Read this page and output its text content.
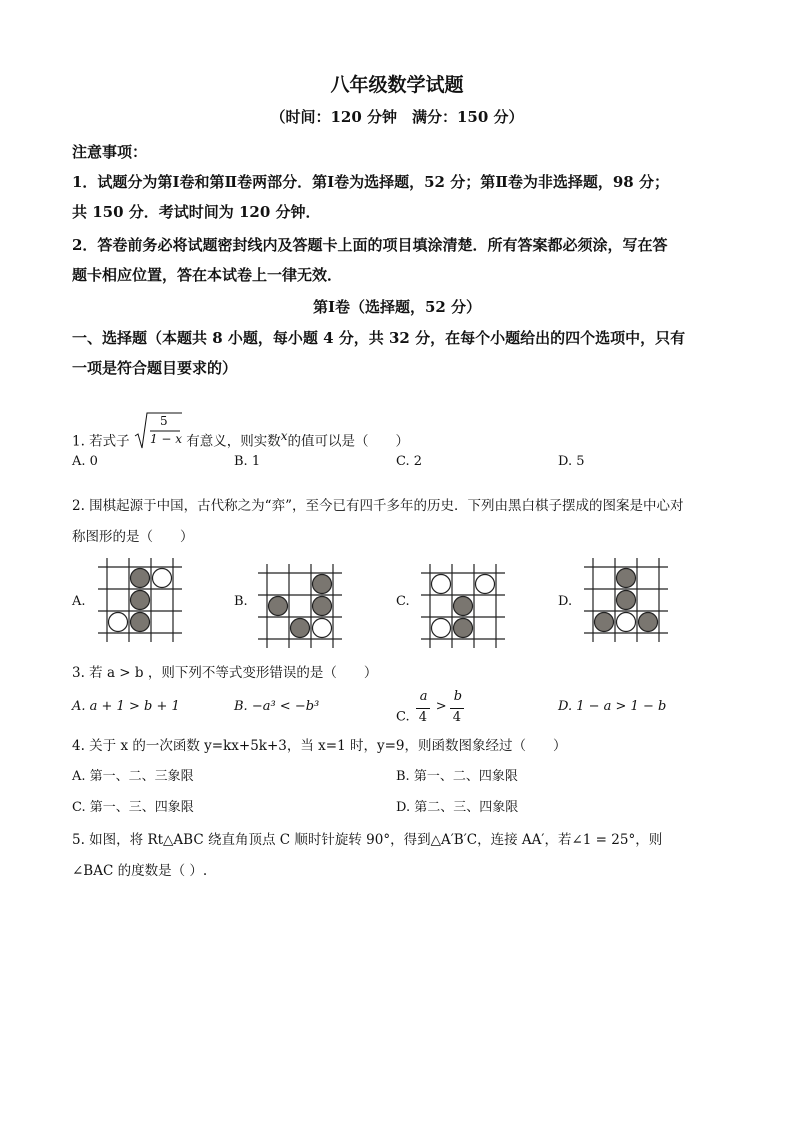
八年级数学试题
（时间：120 分钟　满分：150 分）
注意事项：
1．试题分为第Ⅰ卷和第Ⅱ卷两部分．第Ⅰ卷为选择题，52 分；第Ⅱ卷为非选择题，98 分；
共 150 分．考试时间为 120 分钟．
2．答卷前务必将试题密封线内及答题卡上面的项目填涂清楚．所有答案都必须涂，写在答
题卡相应位置，答在本试卷上一律无效．
第Ⅰ卷（选择题，52 分）
一、选择题（本题共 8 小题，每小题 4 分，共 32 分，在每个小题给出的四个选项中，只有
一项是符合题目要求的）
1. 若式子
5
1 − x 有意义，则实数x的值可以是（　　）
A. 0	B. 1	C. 2	D. 5
2. 围棋起源于中国，古代称之为“弈”，至今已有四千多年的历史．下列由黑白棋子摆成的图案是中心对
称图形的是（　　）
A.	B.	C.	D.
3. 若 a > b ，则下列不等式变形错误的是（　　）
A. a + 1 > b + 1	B. −a³ < −b³
C.
a
4
>
b
4
D. 1 − a > 1 − b
4. 关于 x 的一次函数 y=kx+5k+3，当 x=1 时，y=9，则函数图象经过（　　）
A. 第一、二、三象限	B. 第一、二、四象限
C. 第一、三、四象限	D. 第二、三、四象限
5. 如图，将 Rt△ABC 绕直角顶点 C 顺时针旋转 90°，得到△A′B′C，连接 AA′，若∠1 = 25°，则
∠BAC 的度数是（ ）.
